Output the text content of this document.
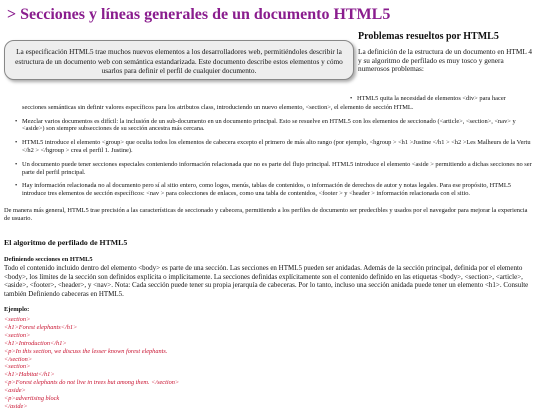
> Secciones y líneas generales de un documento HTML5
La especificación HTML5 trae muchos nuevos elementos a los desarrolladores web, permitiéndoles describir la estructura de un documento web con semántica estandarizada. Este documento describe estos elementos y cómo usarlos para definir el perfil de cualquier documento.
Problemas resueltos por HTML5

La definición de la estructura de un documento en HTML 4 y su algoritmo de perfilado es muy tosco y genera numerosos problemas:

• HTML5 quita la necesidad de elementos <div> para hacer
secciones semánticas sin definir valores específicos para los atributos class, introduciendo un nuevo elemento, <section>, el elemento de sección HTML.
• Mezclar varios documentos es difícil: la inclusión de un sub-documento en un documento principal. Esto se resuelve en HTML5 con los elementos de seccionado (<article>, <section>, <nav> y <aside>) son siempre subsecciones de su sección ancestra más cercana.
• HTML5 introduce el elemento <group> que oculta todos los elementos de cabecera excepto el primero de más alto rango (por ejemplo, <hgroup > <h1 >Justine </h1 > <h2 >Les Malheurs de la Vertu </h2 > </hgroup > crea el perfil 1. Justine).
• Un documento puede tener secciones especiales conteniendo información relacionada que no es parte del flujo principal. HTML5 introduce el elemento <aside > permitiendo a dichas secciones no ser parte del perfil principal.
• Hay información relacionada no al documento pero sí al sitio entero, como logos, menús, tablas de contenidos, o información de derechos de autor y notas legales. Para ese propósito, HTML5 introduce tres elementos de sección específicos: <nav > para colecciones de enlaces, como una tabla de contenidos, <footer > y <header > información relacionada con el sitio.

De manera más general, HTML5 trae precisión a las características de seccionado y cabecera, permitiendo a los perfiles de documento ser predecibles y usados por el navegador para mejorar la experiencia de usuario.

El algoritmo de perfilado de HTML5
Definiendo secciones en HTML5

Todo el contenido incluido dentro del elemento <body> es parte de una sección. Las secciones en HTML5 pueden ser anidadas. Además de la sección principal, definida por el elemento <body>, los límites de la sección son definidos explícita o implícitamente. La secciones definidas explícitamente son el contenido definido en las etiquetas <body>, <section>, <article>, <aside>, <footer>, <header>, y <nav>. Nota: Cada sección puede tener su propia jerarquía de cabeceras. Por lo tanto, incluso una sección anidada puede tener un elemento <h1>. Consulte también Definiendo cabeceras en HTML5.

Ejemplo:

<section>
<h1>Forest elephants</h1>
<section>
<h1>Introduction</h1>
<p>In this section, we discuss the lesser known forest elephants.
</section>
<section>
<h1>Habitat</h1>
<p>Forest elephants do not live in trees but among them. </section>
<aside>
<p>advertising block
</aside>
